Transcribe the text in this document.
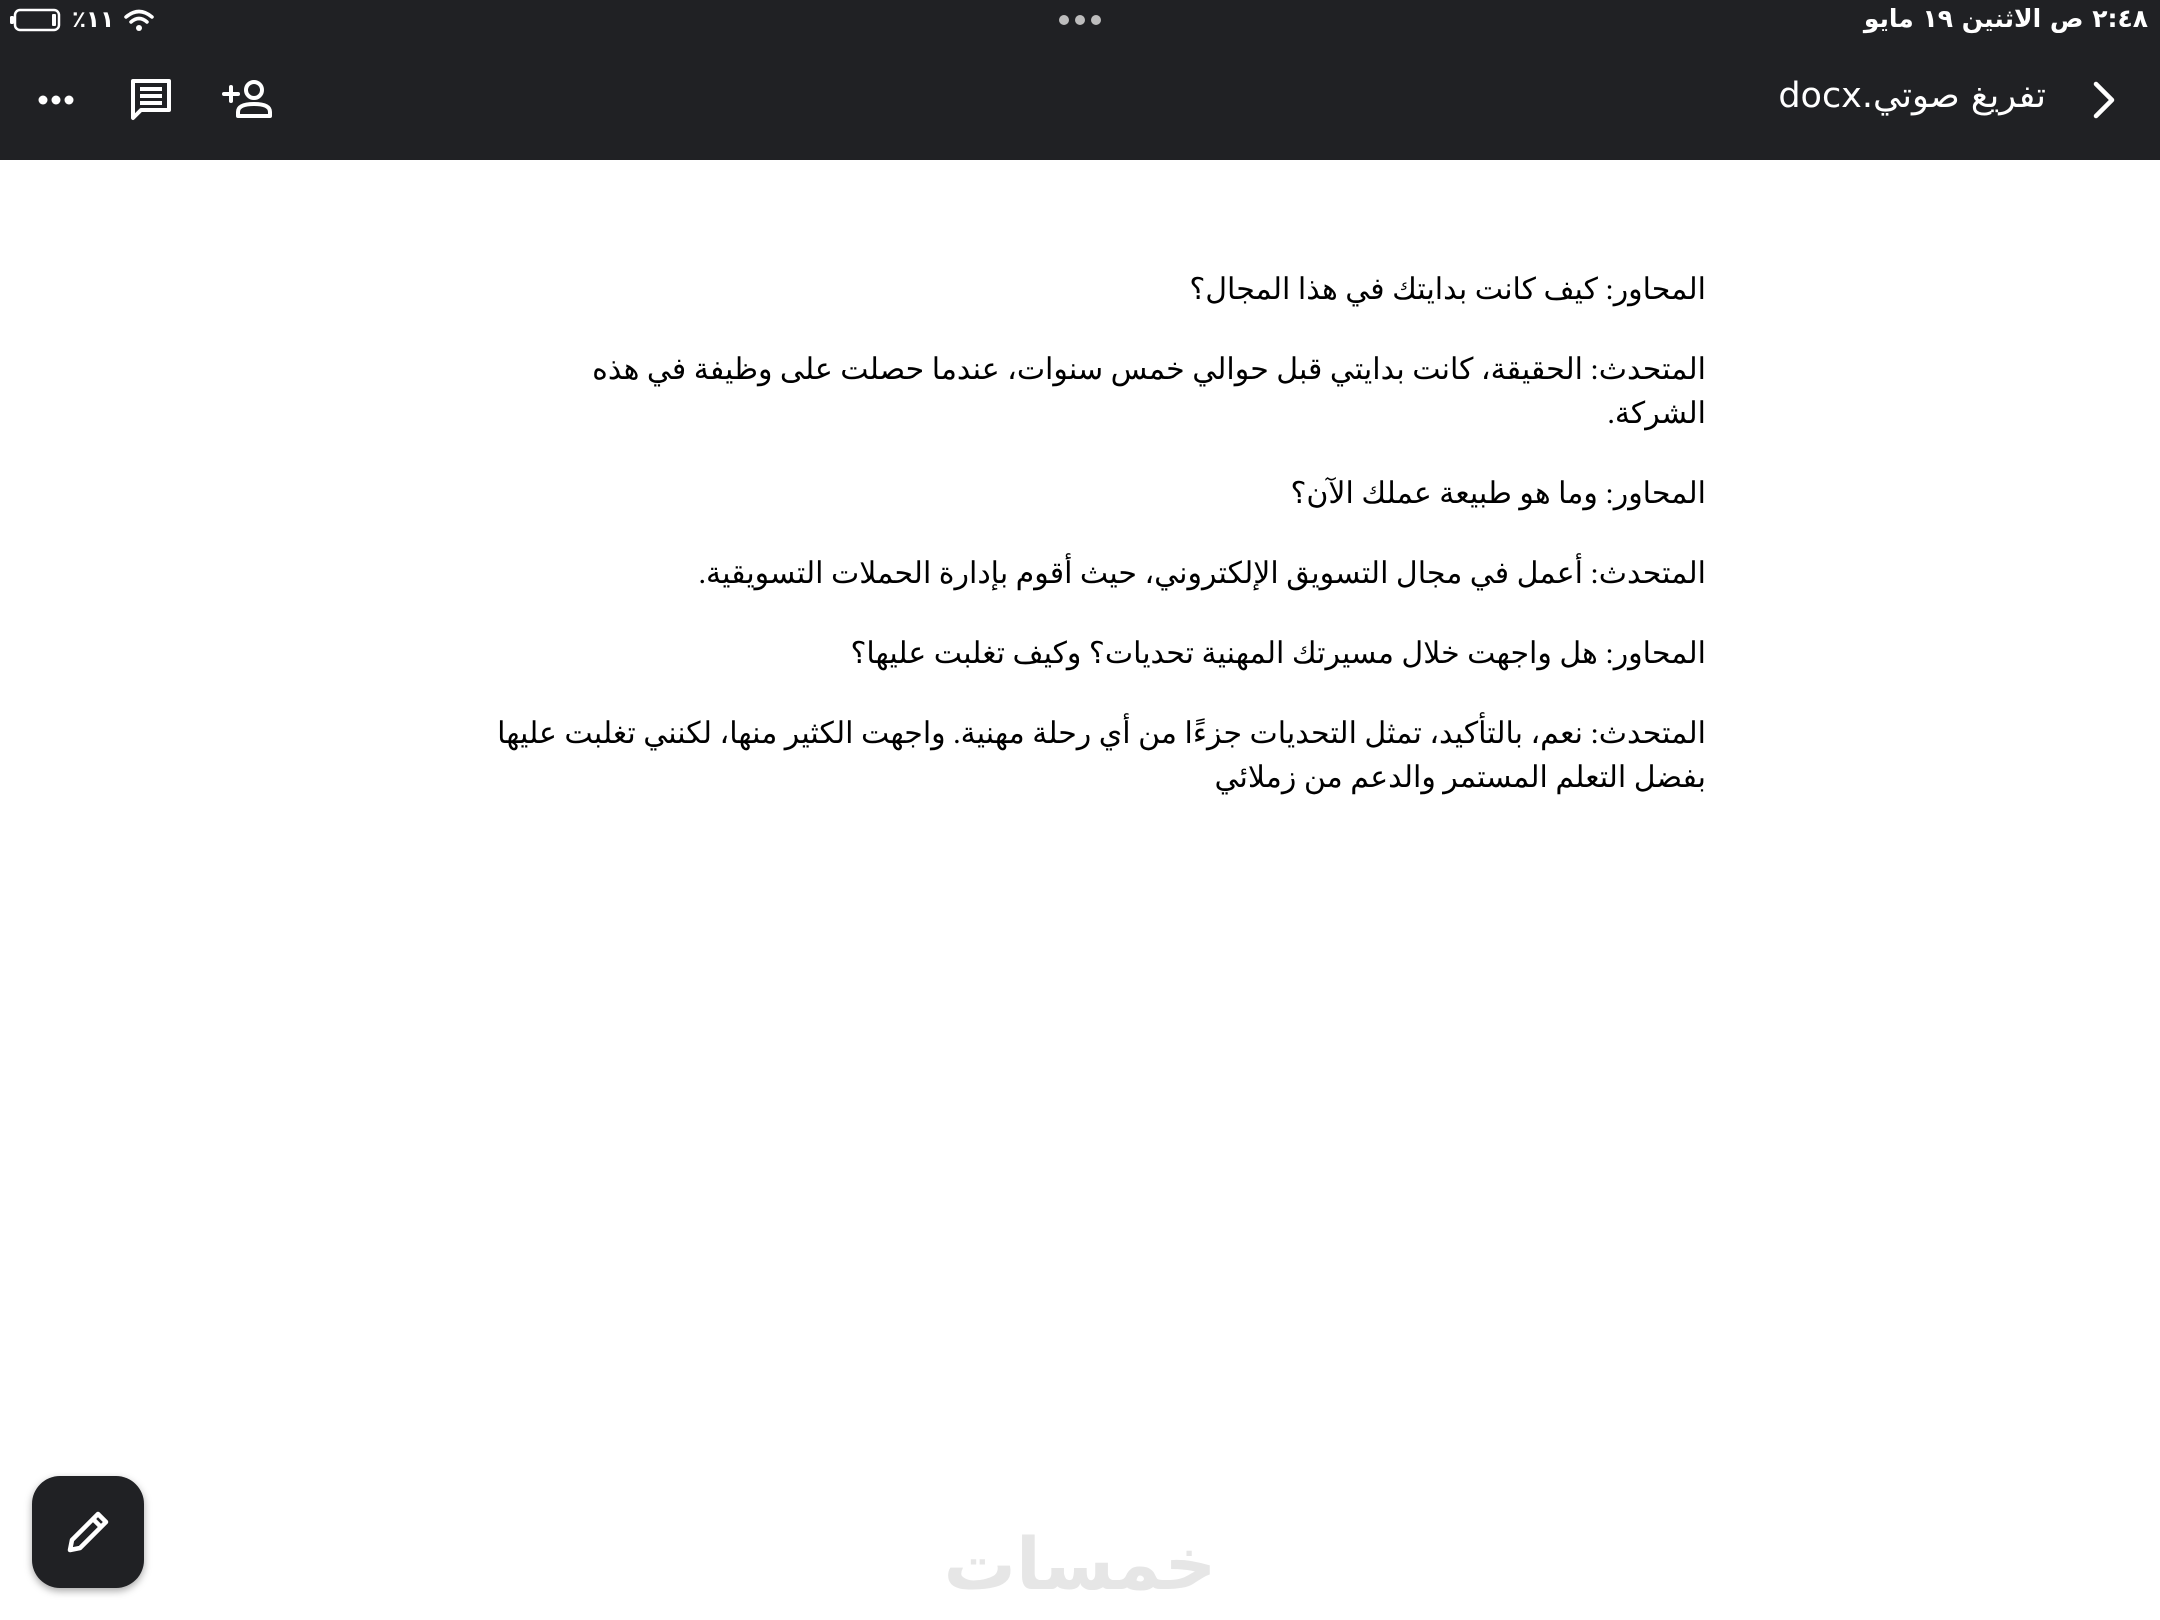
٪١١	٢:٤٨ ص الاثنين ١٩ مايو
تفريغ صوتي.docx

المحاور: كيف كانت بدايتك في هذا المجال؟

المتحدث: الحقيقة، كانت بدايتي قبل حوالي خمس سنوات، عندما حصلت على وظيفة في هذه الشركة.

المحاور: وما هو طبيعة عملك الآن؟

المتحدث: أعمل في مجال التسويق الإلكتروني، حيث أقوم بإدارة الحملات التسويقية.

المحاور: هل واجهت خلال مسيرتك المهنية تحديات؟ وكيف تغلبت عليها؟

المتحدث: نعم، بالتأكيد، تمثل التحديات جزءًا من أي رحلة مهنية. واجهت الكثير منها، لكنني تغلبت عليها بفضل التعلم المستمر والدعم من زملائي

خمسات
